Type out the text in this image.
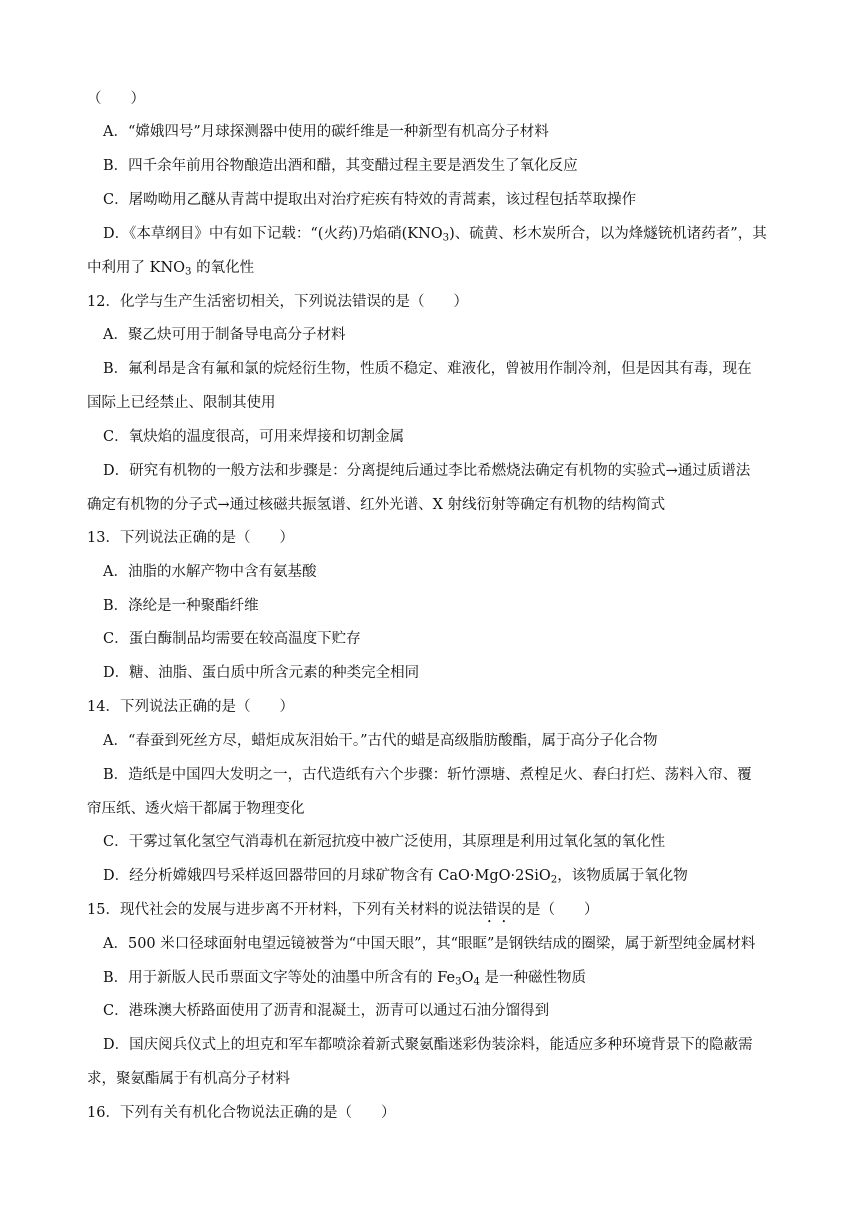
（　　）
A．“嫦娥四号”月球探测器中使用的碳纤维是一种新型有机高分子材料
B．四千余年前用谷物酿造出酒和醋，其变醋过程主要是酒发生了氧化反应
C．屠呦呦用乙醚从青蒿中提取出对治疗疟疾有特效的青蒿素，该过程包括萃取操作
D．《本草纲目》中有如下记载：“(火药)乃焰硝$(KNO_3)$、硫黄、杉木炭所合，以为烽燧铳机诸药者”，其
中利用了 $KNO_3$ 的氧化性
12．化学与生产生活密切相关，下列说法错误的是（　　）
A．聚乙炔可用于制备导电高分子材料
B．氟利昂是含有氟和氯的烷烃衍生物，性质不稳定、难液化，曾被用作制冷剂，但是因其有毒，现在
国际上已经禁止、限制其使用
C．氧炔焰的温度很高，可用来焊接和切割金属
D．研究有机物的一般方法和步骤是：分离提纯后通过李比希燃烧法确定有机物的实验式→通过质谱法
确定有机物的分子式→通过核磁共振氢谱、红外光谱、X 射线衍射等确定有机物的结构简式
13．下列说法正确的是（　　）
A．油脂的水解产物中含有氨基酸
B．涤纶是一种聚酯纤维
C．蛋白酶制品均需要在较高温度下贮存
D．糖、油脂、蛋白质中所含元素的种类完全相同
14．下列说法正确的是（　　）
A．“春蚕到死丝方尽，蜡炬成灰泪始干。”古代的蜡是高级脂肪酸酯，属于高分子化合物
B．造纸是中国四大发明之一，古代造纸有六个步骤：斩竹漂塘、煮楻足火、舂臼打烂、荡料入帘、覆
帘压纸、透火焙干都属于物理变化
C．干雾过氧化氢空气消毒机在新冠抗疫中被广泛使用，其原理是利用过氧化氢的氧化性
D．经分析嫦娥四号采样返回器带回的月球矿物含有 CaO·MgO·2SiO$_2$，该物质属于氧化物
15．现代社会的发展与进步离不开材料，下列有关材料的说法错误的是（　　）
A．500 米口径球面射电望远镜被誉为“中国天眼”，其“眼眶”是钢铁结成的圈梁，属于新型纯金属材料
B．用于新版人民币票面文字等处的油墨中所含有的 $Fe_3O_4$ 是一种磁性物质
C．港珠澳大桥路面使用了沥青和混凝土，沥青可以通过石油分馏得到
D．国庆阅兵仪式上的坦克和军车都喷涂着新式聚氨酯迷彩伪装涂料，能适应多种环境背景下的隐蔽需
求，聚氨酯属于有机高分子材料
16．下列有关有机化合物说法正确的是（　　）
